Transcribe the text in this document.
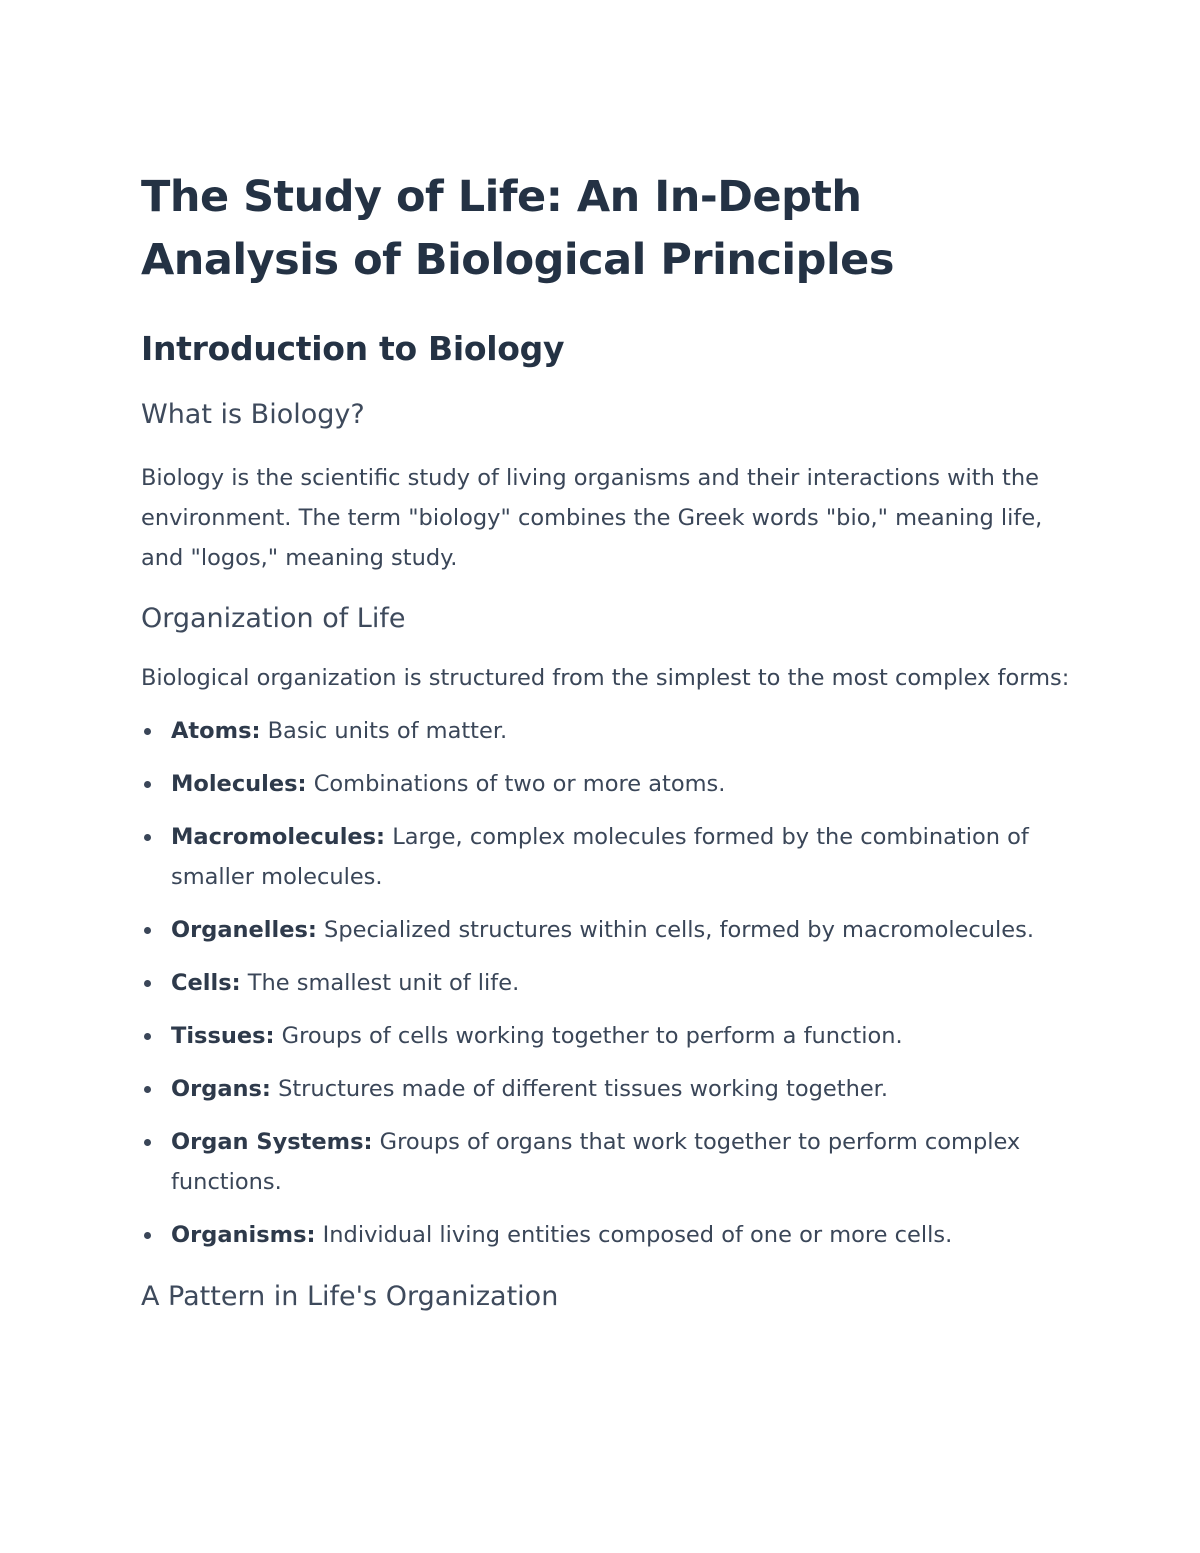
The Study of Life: An In-Depth Analysis of Biological Principles
Introduction to Biology
What is Biology?

Biology is the scientific study of living organisms and their interactions with the environment. The term "biology" combines the Greek words "bio," meaning life, and "logos," meaning study.

Organization of Life

Biological organization is structured from the simplest to the most complex forms:

Atoms: Basic units of matter.
Molecules: Combinations of two or more atoms.
Macromolecules: Large, complex molecules formed by the combination of smaller molecules.
Organelles: Specialized structures within cells, formed by macromolecules.
Cells: The smallest unit of life.
Tissues: Groups of cells working together to perform a function.
Organs: Structures made of different tissues working together.
Organ Systems: Groups of organs that work together to perform complex functions.
Organisms: Individual living entities composed of one or more cells.
A Pattern in Life's Organization
